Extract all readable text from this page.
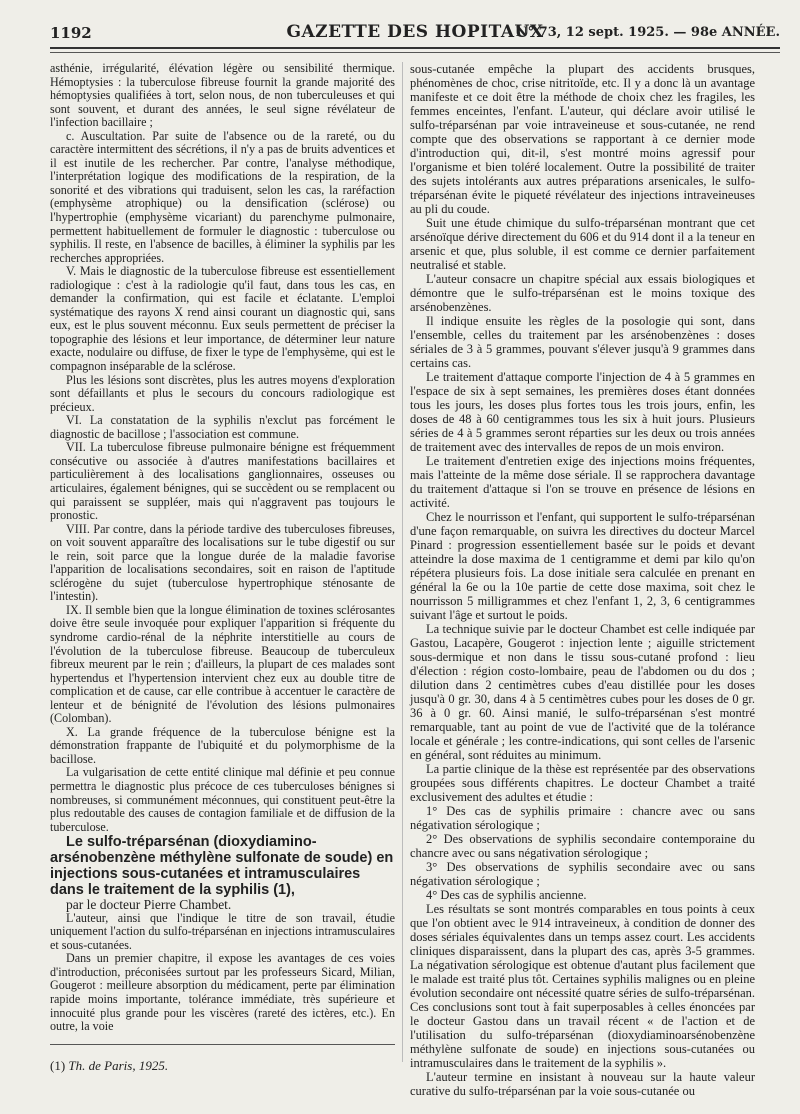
1192	GAZETTE DES HOPITAUX
N° 73, 12 sept. 1925. — 98e ANNÉE.

asthénie, irrégularité, élévation légère ou sensibilité thermique. Hémoptysies : la tuberculose fibreuse fournit la grande majorité des hémoptysies qualifiées à tort, selon nous, de non tuberculeuses et qui sont souvent, et durant des années, le seul signe révélateur de l'infection bacillaire ;

c. Auscultation. Par suite de l'absence ou de la rareté, ou du caractère intermittent des sécrétions, il n'y a pas de bruits adventices et il est inutile de les rechercher. Par contre, l'analyse méthodique, l'interprétation logique des modifications de la respiration, de la sonorité et des vibrations qui traduisent, selon les cas, la raréfaction (emphysème atrophique) ou la densification (sclérose) ou l'hypertrophie (emphysème vicariant) du parenchyme pulmonaire, permettent habituellement de formuler le diagnostic : tuberculose ou syphilis. Il reste, en l'absence de bacilles, à éliminer la syphilis par les recherches appropriées.

V. Mais le diagnostic de la tuberculose fibreuse est essentiellement radiologique : c'est à la radiologie qu'il faut, dans tous les cas, en demander la confirmation, qui est facile et éclatante. L'emploi systématique des rayons X rend ainsi courant un diagnostic qui, sans eux, est le plus souvent méconnu. Eux seuls permettent de préciser la topographie des lésions et leur importance, de déterminer leur nature exacte, nodulaire ou diffuse, de fixer le type de l'emphysème, qui est le compagnon inséparable de la sclérose.

Plus les lésions sont discrètes, plus les autres moyens d'exploration sont défaillants et plus le secours du concours radiologique est précieux.

VI. La constatation de la syphilis n'exclut pas forcément le diagnostic de bacillose ; l'association est commune.

VII. La tuberculose fibreuse pulmonaire bénigne est fréquemment consécutive ou associée à d'autres manifestations bacillaires et particulièrement à des localisations ganglionnaires, osseuses ou articulaires, également bénignes, qui se succèdent ou se remplacent ou qui paraissent se suppléer, mais qui n'aggravent pas toujours le pronostic.

VIII. Par contre, dans la période tardive des tuberculoses fibreuses, on voit souvent apparaître des localisations sur le tube digestif ou sur le rein, soit parce que la longue durée de la maladie favorise l'apparition de localisations secondaires, soit en raison de l'aptitude sclérogène du sujet (tuberculose hypertrophique sténosante de l'intestin).

IX. Il semble bien que la longue élimination de toxines sclérosantes doive être seule invoquée pour expliquer l'apparition si fréquente du syndrome cardio-rénal de la néphrite interstitielle au cours de l'évolution de la tuberculose fibreuse. Beaucoup de tuberculeux fibreux meurent par le rein ; d'ailleurs, la plupart de ces malades sont hypertendus et l'hypertension intervient chez eux au double titre de complication et de cause, car elle contribue à accentuer le caractère de lenteur et de bénignité de l'évolution des lésions pulmonaires (Colomban).

X. La grande fréquence de la tuberculose bénigne est la démonstration frappante de l'ubiquité et du polymorphisme de la bacillose.

La vulgarisation de cette entité clinique mal définie et peu connue permettra le diagnostic plus précoce de ces tuberculoses bénignes si nombreuses, si communément méconnues, qui constituent peut-être la plus redoutable des causes de contagion familiale et de diffusion de la tuberculose.

Le sulfo-tréparsénan (dioxydiamino-arsénobenzène méthylène sulfonate de soude) en injections sous-cutanées et intramusculaires dans le traitement de la syphilis (1),

par le docteur Pierre Chambet.

L'auteur, ainsi que l'indique le titre de son travail, étudie uniquement l'action du sulfo-tréparsénan en injections intramusculaires et sous-cutanées.

Dans un premier chapitre, il expose les avantages de ces voies d'introduction, préconisées surtout par les professeurs Sicard, Milian, Gougerot : meilleure absorption du médicament, perte par élimination rapide moins importante, tolérance immédiate, très supérieure et innocuité plus grande pour les viscères (rareté des ictères, etc.). En outre, la voie

sous-cutanée empêche la plupart des accidents brusques, phénomènes de choc, crise nitritoïde, etc. Il y a donc là un avantage manifeste et ce doit être la méthode de choix chez les fragiles, les femmes enceintes, l'enfant. L'auteur, qui déclare avoir utilisé le sulfo-tréparsénan par voie intraveineuse et sous-cutanée, ne rend compte que des observations se rapportant à ce dernier mode d'introduction qui, dit-il, s'est montré moins agressif pour l'organisme et bien toléré localement. Outre la possibilité de traiter des sujets intolérants aux autres préparations arsenicales, le sulfo-tréparsénan évite le piqueté révélateur des injections intraveineuses au pli du coude.

Suit une étude chimique du sulfo-tréparsénan montrant que cet arsénoïque dérive directement du 606 et du 914 dont il a la teneur en arsenic et que, plus soluble, il est comme ce dernier parfaitement neutralisé et stable.

L'auteur consacre un chapitre spécial aux essais biologiques et démontre que le sulfo-tréparsénan est le moins toxique des arsénobenzènes.

Il indique ensuite les règles de la posologie qui sont, dans l'ensemble, celles du traitement par les arsénobenzènes : doses sériales de 3 à 5 grammes, pouvant s'élever jusqu'à 9 grammes dans certains cas.

Le traitement d'attaque comporte l'injection de 4 à 5 grammes en l'espace de six à sept semaines, les premières doses étant données tous les jours, les doses plus fortes tous les trois jours, enfin, les doses de 48 à 60 centigrammes tous les six à huit jours. Plusieurs séries de 4 à 5 grammes seront réparties sur les deux ou trois années de traitement avec des intervalles de repos de un mois environ.

Le traitement d'entretien exige des injections moins fréquentes, mais l'atteinte de la même dose sériale. Il se rapprochera davantage du traitement d'attaque si l'on se trouve en présence de lésions en activité.

Chez le nourrisson et l'enfant, qui supportent le sulfo-tréparsénan d'une façon remarquable, on suivra les directives du docteur Marcel Pinard : progression essentiellement basée sur le poids et devant atteindre la dose maxima de 1 centigramme et demi par kilo qu'on répétera plusieurs fois. La dose initiale sera calculée en prenant en général la 6e ou la 10e partie de cette dose maxima, soit chez le nourrisson 5 milligrammes et chez l'enfant 1, 2, 3, 6 centigrammes suivant l'âge et surtout le poids.

La technique suivie par le docteur Chambet est celle indiquée par Gastou, Lacapère, Gougerot : injection lente ; aiguille strictement sous-dermique et non dans le tissu sous-cutané profond : lieu d'élection : région costo-lombaire, peau de l'abdomen ou du dos ; dilution dans 2 centimètres cubes d'eau distillée pour les doses jusqu'à 0 gr. 30, dans 4 à 5 centimètres cubes pour les doses de 0 gr. 36 à 0 gr. 60. Ainsi manié, le sulfo-tréparsénan s'est montré remarquable, tant au point de vue de l'activité que de la tolérance locale et générale ; les contre-indications, qui sont celles de l'arsenic en général, sont réduites au minimum.

La partie clinique de la thèse est représentée par des observations groupées sous différents chapitres. Le docteur Chambet a traité exclusivement des adultes et étudie :

1° Des cas de syphilis primaire : chancre avec ou sans négativation sérologique ;

2° Des observations de syphilis secondaire contemporaine du chancre avec ou sans négativation sérologique ;

3° Des observations de syphilis secondaire avec ou sans négativation sérologique ;

4° Des cas de syphilis ancienne.

Les résultats se sont montrés comparables en tous points à ceux que l'on obtient avec le 914 intraveineux, à condition de donner des doses sériales équivalentes dans un temps assez court. Les accidents cliniques disparaissent, dans la plupart des cas, après 3-5 grammes. La négativation sérologique est obtenue d'autant plus facilement que le malade est traité plus tôt. Certaines syphilis malignes ou en pleine évolution secondaire ont nécessité quatre séries de sulfo-tréparsénan. Ces conclusions sont tout à fait superposables à celles énoncées par le docteur Gastou dans un travail récent « de l'action et de l'utilisation du sulfo-tréparsénan (dioxydiaminoarsénobenzène méthylène sulfonate de soude) en injections sous-cutanées ou intramusculaires dans le traitement de la syphilis ».

L'auteur termine en insistant à nouveau sur la haute valeur curative du sulfo-tréparsénan par la voie sous-cutanée ou

(1) Th. de Paris, 1925.
